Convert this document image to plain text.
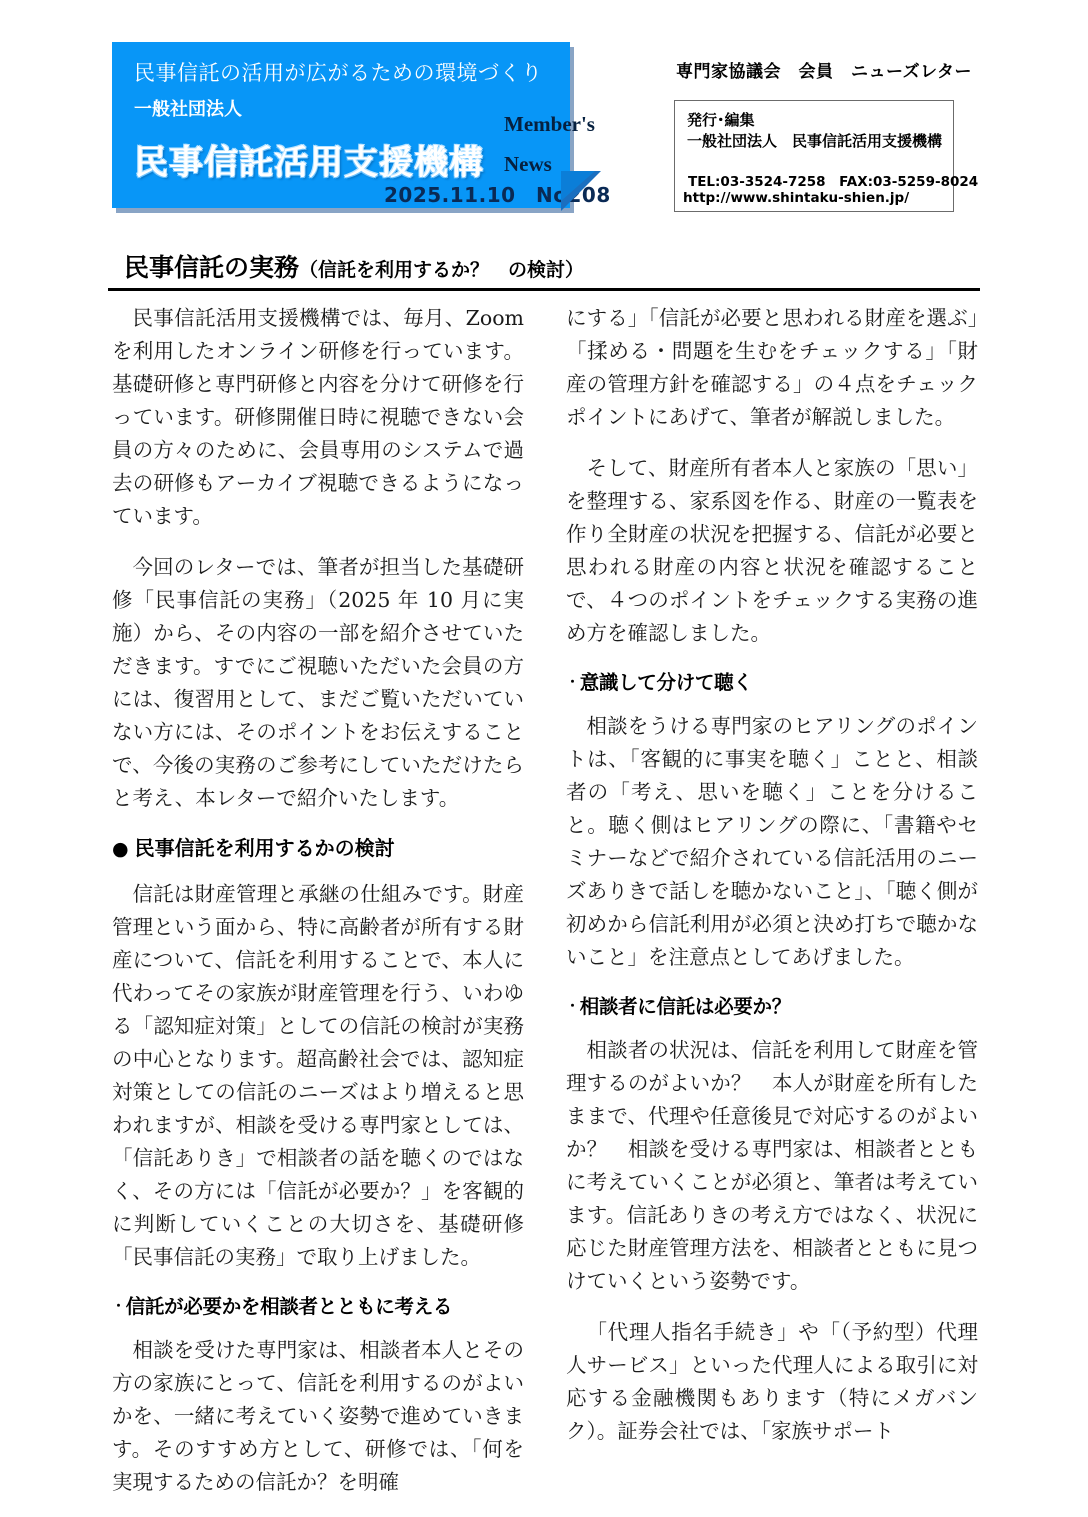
民事信託の活用が広がるための環境づくり
一般社団法人
民事信託活用支援機構
2025.11.10　No208
Member's
News
専門家協議会　会員　ニューズレター
発行･編集
一般社団法人　民事信託活用支援機構
TEL:03-3524-7258　FAX:03-5259-8024
http://www.shintaku-shien.jp/
民事信託の実務（信託を利用するか？　の検討）

民事信託活用支援機構では、毎月、Zoom を利用したオンライン研修を行っています。基礎研修と専門研修と内容を分けて研修を行っています。研修開催日時に視聴できない会員の方々のために、会員専用のシステムで過去の研修もアーカイブ視聴できるようになっています。

今回のレターでは、筆者が担当した基礎研修「民事信託の実務」（2025 年 10 月に実施）から、その内容の一部を紹介させていただきます。すでにご視聴いただいた会員の方には、復習用として、まだご覧いただいていない方には、そのポイントをお伝えすることで、今後の実務のご参考にしていただけたらと考え、本レターで紹介いたします。

● 民事信託を利用するかの検討

信託は財産管理と承継の仕組みです。財産管理という面から、特に高齢者が所有する財産について、信託を利用することで、本人に代わってその家族が財産管理を行う、いわゆる「認知症対策」としての信託の検討が実務の中心となります。超高齢社会では、認知症対策としての信託のニーズはより増えると思われますが、相談を受ける専門家としては、「信託ありき」で相談者の話を聴くのではなく、その方には「信託が必要か？」を客観的に判断していくことの大切さを、基礎研修「民事信託の実務」で取り上げました。

・信託が必要かを相談者とともに考える

相談を受けた専門家は、相談者本人とその方の家族にとって、信託を利用するのがよいかを、一緒に考えていく姿勢で進めていきます。そのすすめ方として、研修では、「何を実現するための信託か？を明確

にする」「信託が必要と思われる財産を選ぶ」「揉める・問題を生むをチェックする」「財産の管理方針を確認する」の４点をチェックポイントにあげて、筆者が解説しました。

そして、財産所有者本人と家族の「思い」を整理する、家系図を作る、財産の一覧表を作り全財産の状況を把握する、信託が必要と思われる財産の内容と状況を確認することで、４つのポイントをチェックする実務の進め方を確認しました。

・意識して分けて聴く

相談をうける専門家のヒアリングのポイントは、「客観的に事実を聴く」ことと、相談者の「考え、思いを聴く」ことを分けること。聴く側はヒアリングの際に、「書籍やセミナーなどで紹介されている信託活用のニーズありきで話しを聴かないこと」、「聴く側が初めから信託利用が必須と決め打ちで聴かないこと」を注意点としてあげました。

・相談者に信託は必要か？

相談者の状況は、信託を利用して財産を管理するのがよいか？　本人が財産を所有したままで、代理や任意後見で対応するのがよいか？　相談を受ける専門家は、相談者とともに考えていくことが必須と、筆者は考えています。信託ありきの考え方ではなく、状況に応じた財産管理方法を、相談者とともに見つけていくという姿勢です。

「代理人指名手続き」や「（予約型）代理人サービス」といった代理人による取引に対応する金融機関もあります（特にメガバンク）。証券会社では、「家族サポート
